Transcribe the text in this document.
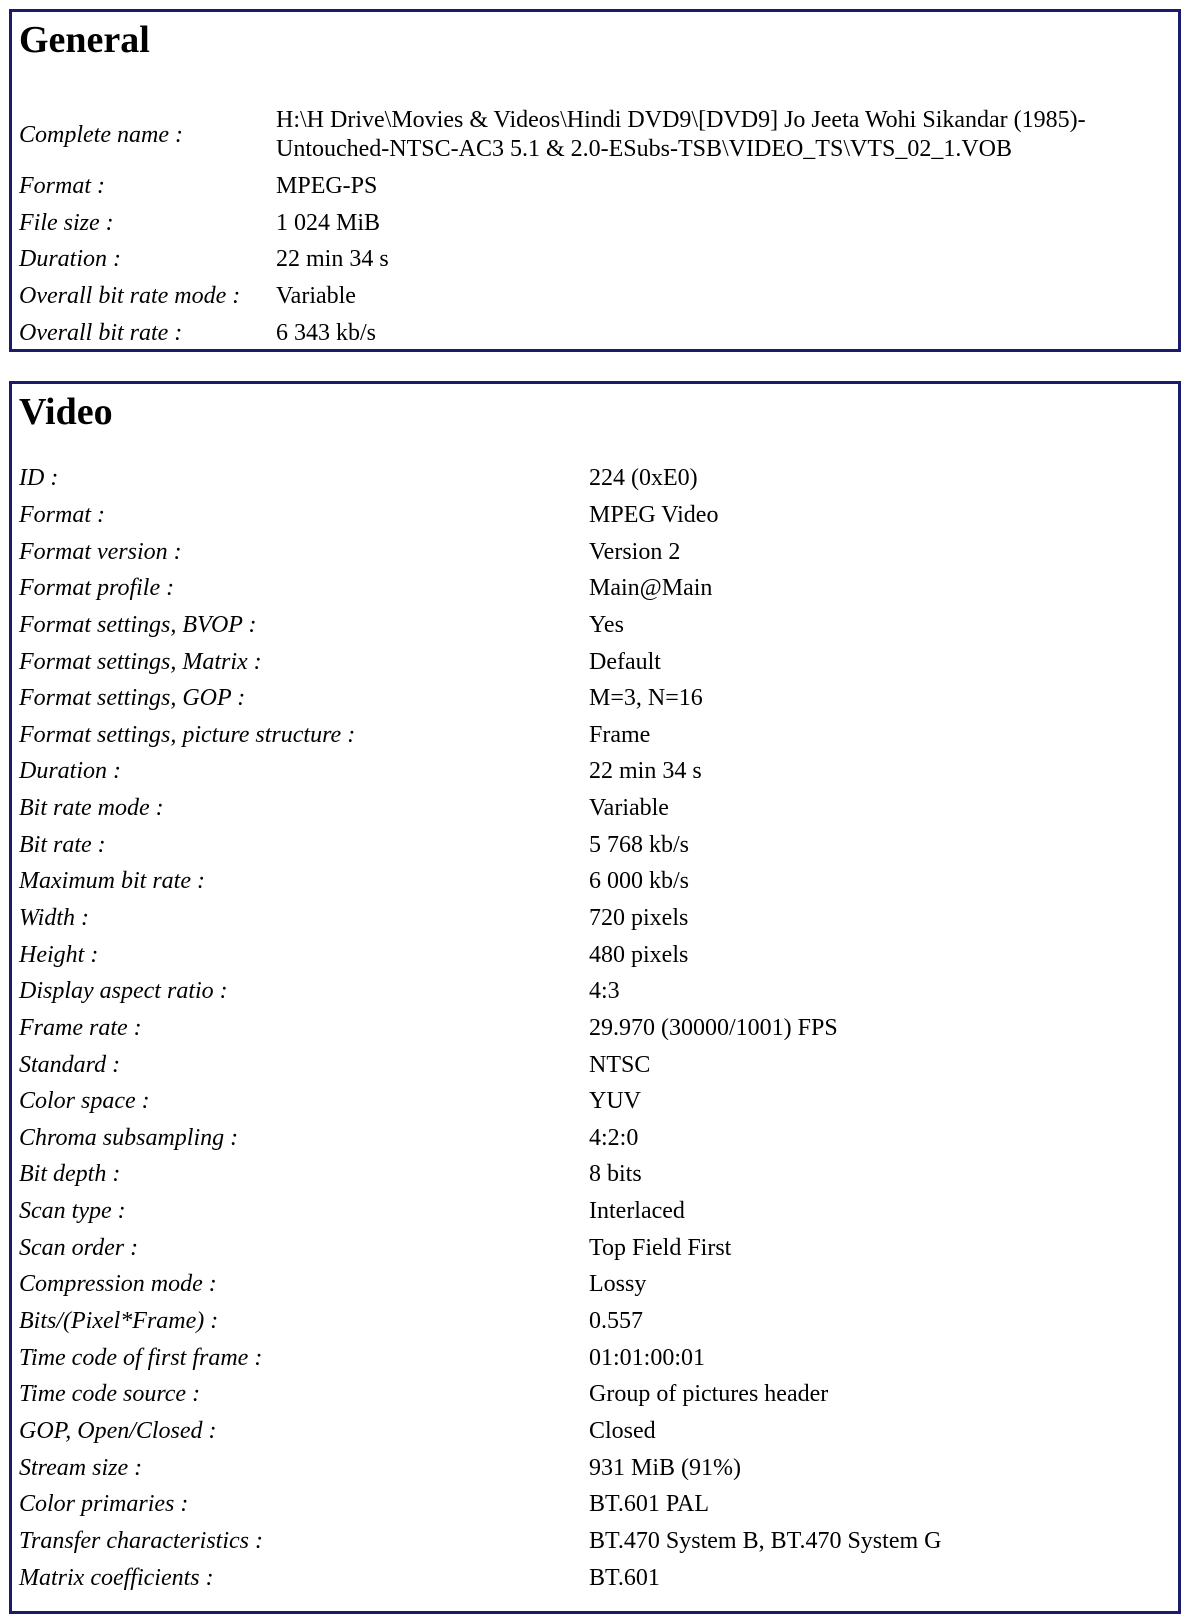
General
Complete name :	H:\H Drive\Movies & Videos\Hindi DVD9\[DVD9] Jo Jeeta Wohi Sikandar (1985)-Untouched-NTSC-AC3 5.1 & 2.0-ESubs-TSB\VIDEO_TS\VTS_02_1.VOB
Format :	MPEG-PS
File size :	1 024 MiB
Duration :	22 min 34 s
Overall bit rate mode :	Variable
Overall bit rate :	6 343 kb/s
Video
ID :	224 (0xE0)
Format :	MPEG Video
Format version :	Version 2
Format profile :	Main@Main
Format settings, BVOP :	Yes
Format settings, Matrix :	Default
Format settings, GOP :	M=3, N=16
Format settings, picture structure :	Frame
Duration :	22 min 34 s
Bit rate mode :	Variable
Bit rate :	5 768 kb/s
Maximum bit rate :	6 000 kb/s
Width :	720 pixels
Height :	480 pixels
Display aspect ratio :	4:3
Frame rate :	29.970 (30000/1001) FPS
Standard :	NTSC
Color space :	YUV
Chroma subsampling :	4:2:0
Bit depth :	8 bits
Scan type :	Interlaced
Scan order :	Top Field First
Compression mode :	Lossy
Bits/(Pixel*Frame) :	0.557
Time code of first frame :	01:01:00:01
Time code source :	Group of pictures header
GOP, Open/Closed :	Closed
Stream size :	931 MiB (91%)
Color primaries :	BT.601 PAL
Transfer characteristics :	BT.470 System B, BT.470 System G
Matrix coefficients :	BT.601
